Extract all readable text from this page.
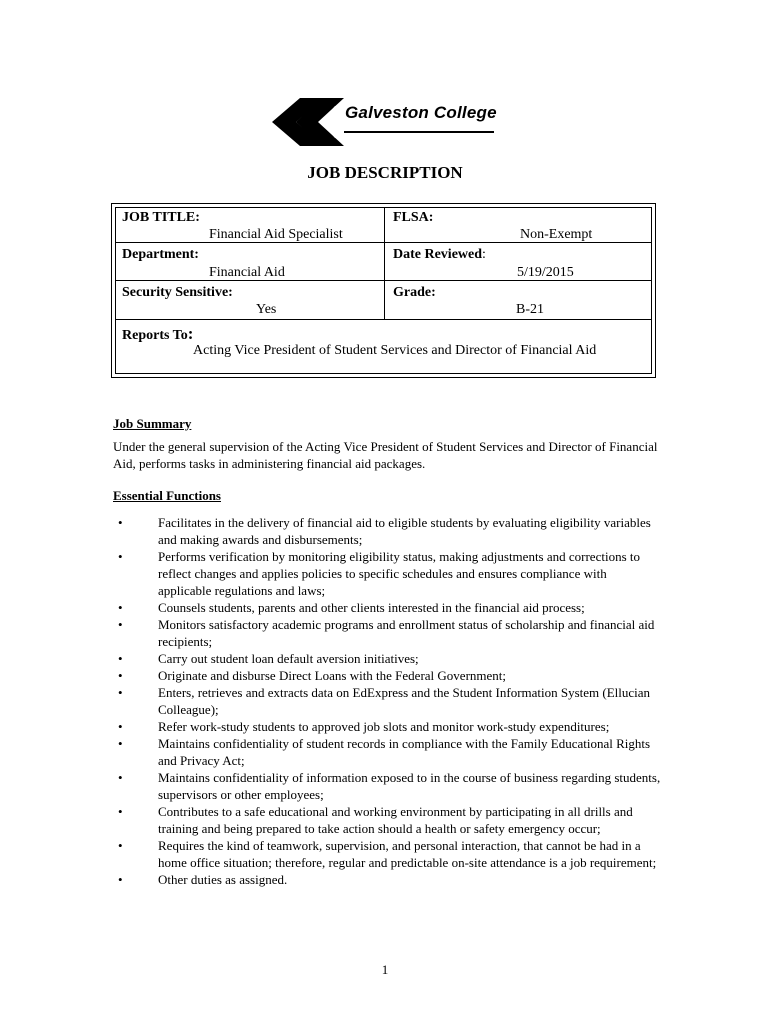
Galveston College
JOB DESCRIPTION
JOB TITLE:
Financial Aid Specialist
FLSA:
Non-Exempt
Department:
Financial Aid
Date Reviewed:
5/19/2015
Security Sensitive:
Yes
Grade:
B-21
Reports To:
Acting Vice President of Student Services and Director of Financial Aid
Job Summary
Under the general supervision of the Acting Vice President of Student Services and Director of Financial Aid, performs tasks in administering financial aid packages.
Essential Functions
•	Facilitates in the delivery of financial aid to eligible students by evaluating eligibility variables and making awards and disbursements;
•	Performs verification by monitoring eligibility status, making adjustments and corrections to reflect changes and applies policies to specific schedules and ensures compliance with applicable regulations and laws;
•	Counsels students, parents and other clients interested in the financial aid process;
•	Monitors satisfactory academic programs and enrollment status of scholarship and financial aid recipients;
•	Carry out student loan default aversion initiatives;
•	Originate and disburse Direct Loans with the Federal Government;
•	Enters, retrieves and extracts data on EdExpress and the Student Information System (Ellucian Colleague);
•	Refer work-study students to approved job slots and monitor work-study expenditures;
•	Maintains confidentiality of student records in compliance with the Family Educational Rights and Privacy Act;
•	Maintains confidentiality of information exposed to in the course of business regarding students, supervisors or other employees;
•	Contributes to a safe educational and working environment by participating in all drills and training and being prepared to take action should a health or safety emergency occur;
•	Requires the kind of teamwork, supervision, and personal interaction, that cannot be had in a home office situation; therefore, regular and predictable on-site attendance is a job requirement;
•	Other duties as assigned.
1
